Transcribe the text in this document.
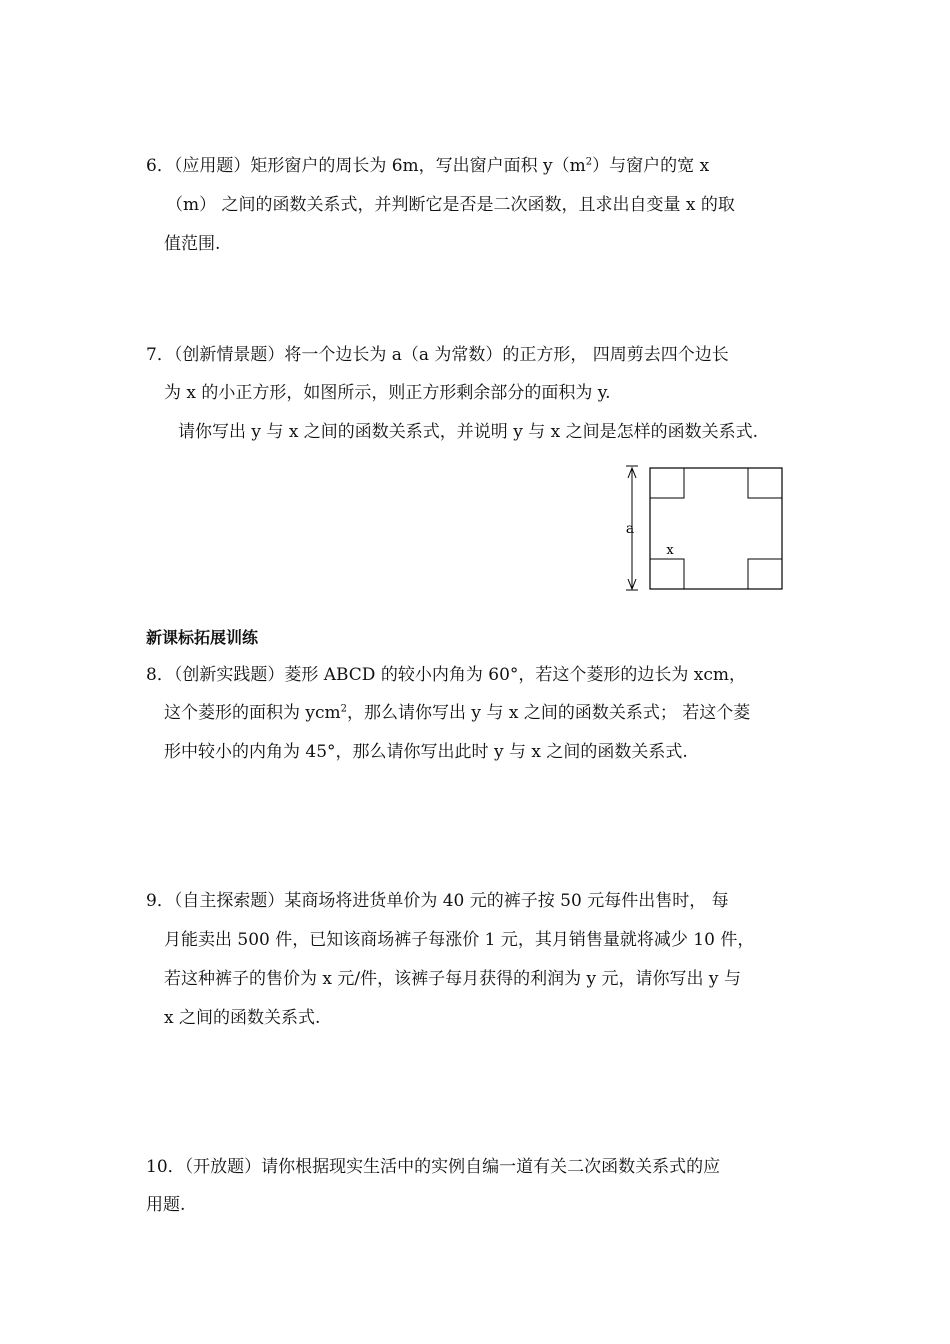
6．（应用题）矩形窗户的周长为 6m，写出窗户面积 $y(m^2)$与窗户的宽 x
（m） 之间的函数关系式，并判断它是否是二次函数，且求出自变量 x 的取
值范围.
7．（创新情景题）将一个边长为 a（a 为常数）的正方形， 四周剪去四个边长
为 x 的小正方形，如图所示，则正方形剩余部分的面积为 y.
请你写出 y 与 x 之间的函数关系式，并说明 y 与 x 之间是怎样的函数关系式.
a
x
新课标拓展训练
8．（创新实践题）菱形 ABCD 的较小内角为 60°，若这个菱形的边长为 xcm，
这个菱形的面积为 ycm$^2$，那么请你写出 y 与 x 之间的函数关系式； 若这个菱
形中较小的内角为 45°，那么请你写出此时 y 与 x 之间的函数关系式.
9．（自主探索题）某商场将进货单价为 40 元的裤子按 50 元每件出售时， 每
月能卖出 500 件，已知该商场裤子每涨价 1 元，其月销售量就将减少 10 件，
若这种裤子的售价为 x 元/件，该裤子每月获得的利润为 y 元，请你写出 y 与
x 之间的函数关系式.
10．（开放题）请你根据现实生活中的实例自编一道有关二次函数关系式的应
用题.
